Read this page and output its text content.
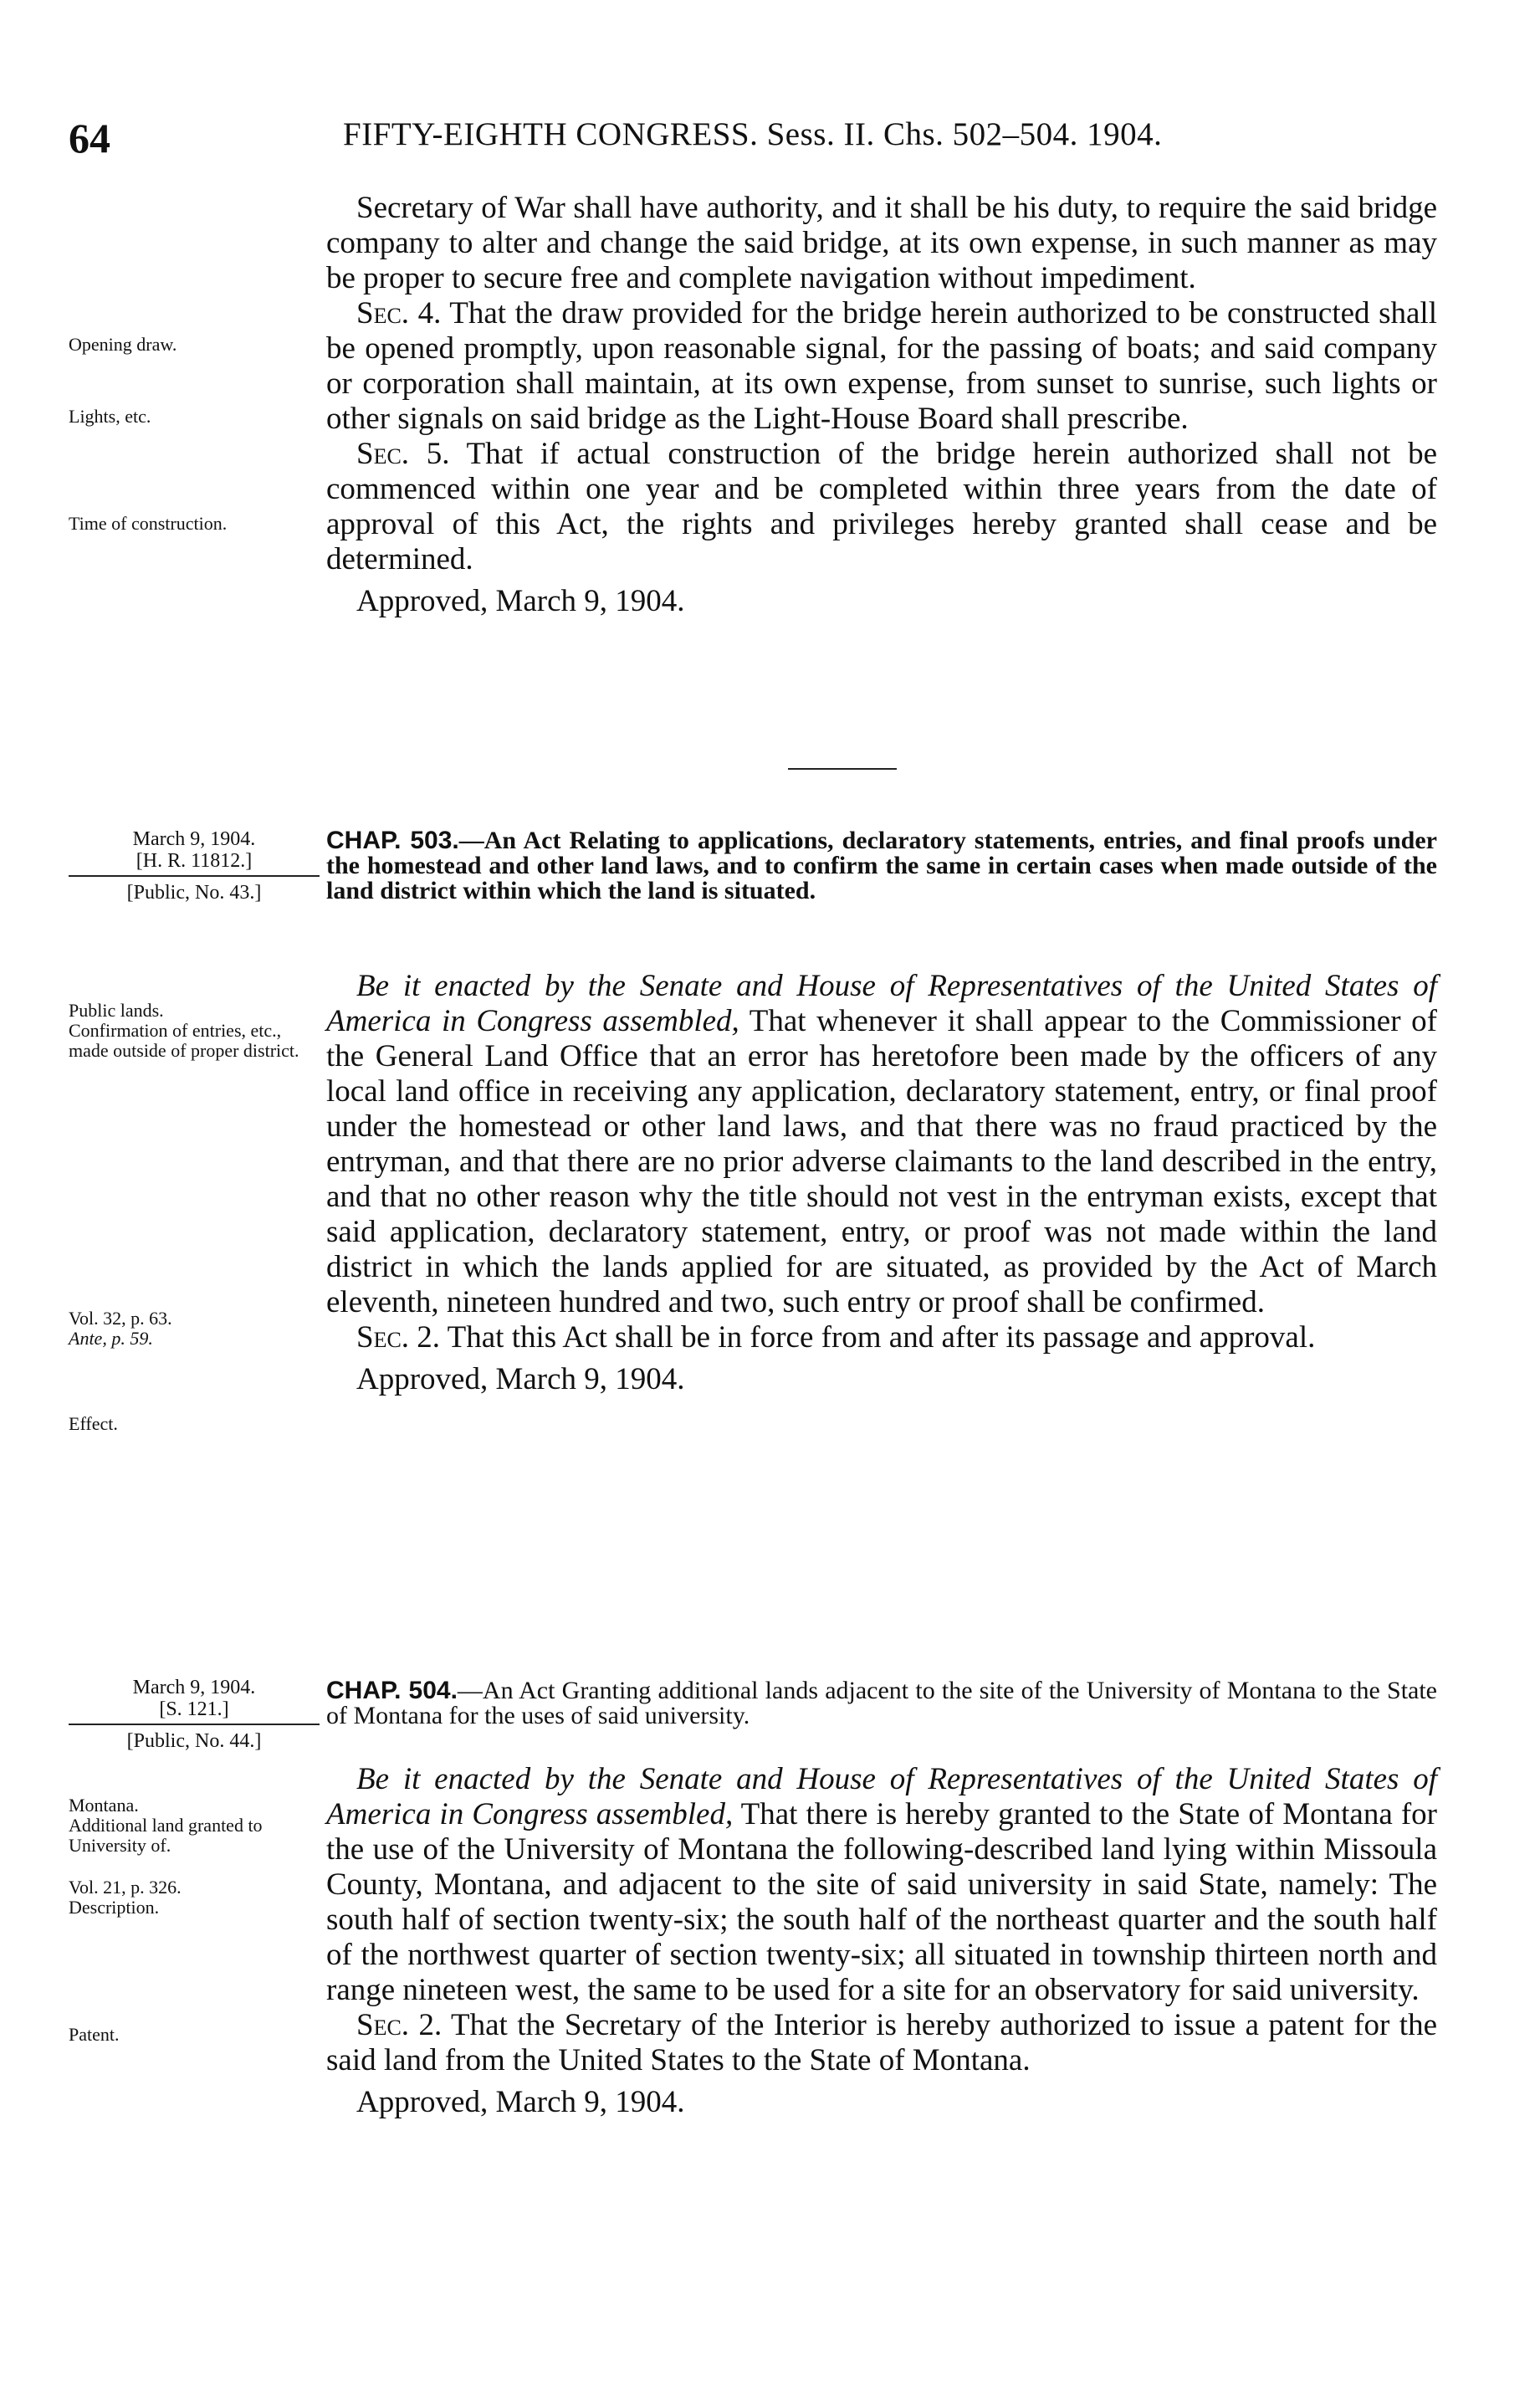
64	FIFTY-EIGHTH CONGRESS. Sess. II. Chs. 502–504. 1904.

Secretary of War shall have authority, and it shall be his duty, to require the said bridge company to alter and change the said bridge, at its own expense, in such manner as may be proper to secure free and complete navigation without impediment.

Sec. 4. That the draw provided for the bridge herein authorized to be constructed shall be opened promptly, upon reasonable signal, for the passing of boats; and said company or corporation shall maintain, at its own expense, from sunset to sunrise, such lights or other signals on said bridge as the Light-House Board shall prescribe.

Sec. 5. That if actual construction of the bridge herein authorized shall not be commenced within one year and be completed within three years from the date of approval of this Act, the rights and privileges hereby granted shall cease and be determined.

Approved, March 9, 1904.

Opening draw.
Lights, etc.
Time of construction.
March 9, 1904.
[H. R. 11812.]
[Public, No. 43.]
CHAP. 503.—An Act Relating to applications, declaratory statements, entries, and final proofs under the homestead and other land laws, and to confirm the same in certain cases when made outside of the land district within which the land is situated.

Be it enacted by the Senate and House of Representatives of the United States of America in Congress assembled, That whenever it shall appear to the Commissioner of the General Land Office that an error has heretofore been made by the officers of any local land office in receiving any application, declaratory statement, entry, or final proof under the homestead or other land laws, and that there was no fraud practiced by the entryman, and that there are no prior adverse claimants to the land described in the entry, and that no other reason why the title should not vest in the entryman exists, except that said application, declaratory statement, entry, or proof was not made within the land district in which the lands applied for are situated, as provided by the Act of March eleventh, nineteen hundred and two, such entry or proof shall be confirmed.

Sec. 2. That this Act shall be in force from and after its passage and approval.

Approved, March 9, 1904.

Public lands.
Confirmation of entries, etc., made outside of proper district.
Vol. 32, p. 63.
Ante, p. 59.
Effect.
March 9, 1904.
[S. 121.]
[Public, No. 44.]
CHAP. 504.—An Act Granting additional lands adjacent to the site of the University of Montana to the State of Montana for the uses of said university.

Be it enacted by the Senate and House of Representatives of the United States of America in Congress assembled, That there is hereby granted to the State of Montana for the use of the University of Montana the following-described land lying within Missoula County, Montana, and adjacent to the site of said university in said State, namely: The south half of section twenty-six; the south half of the northeast quarter and the south half of the northwest quarter of section twenty-six; all situated in township thirteen north and range nineteen west, the same to be used for a site for an observatory for said university.

Sec. 2. That the Secretary of the Interior is hereby authorized to issue a patent for the said land from the United States to the State of Montana.

Approved, March 9, 1904.

Montana.
Additional land granted to University of.
Vol. 21, p. 326.
Description.
Patent.
